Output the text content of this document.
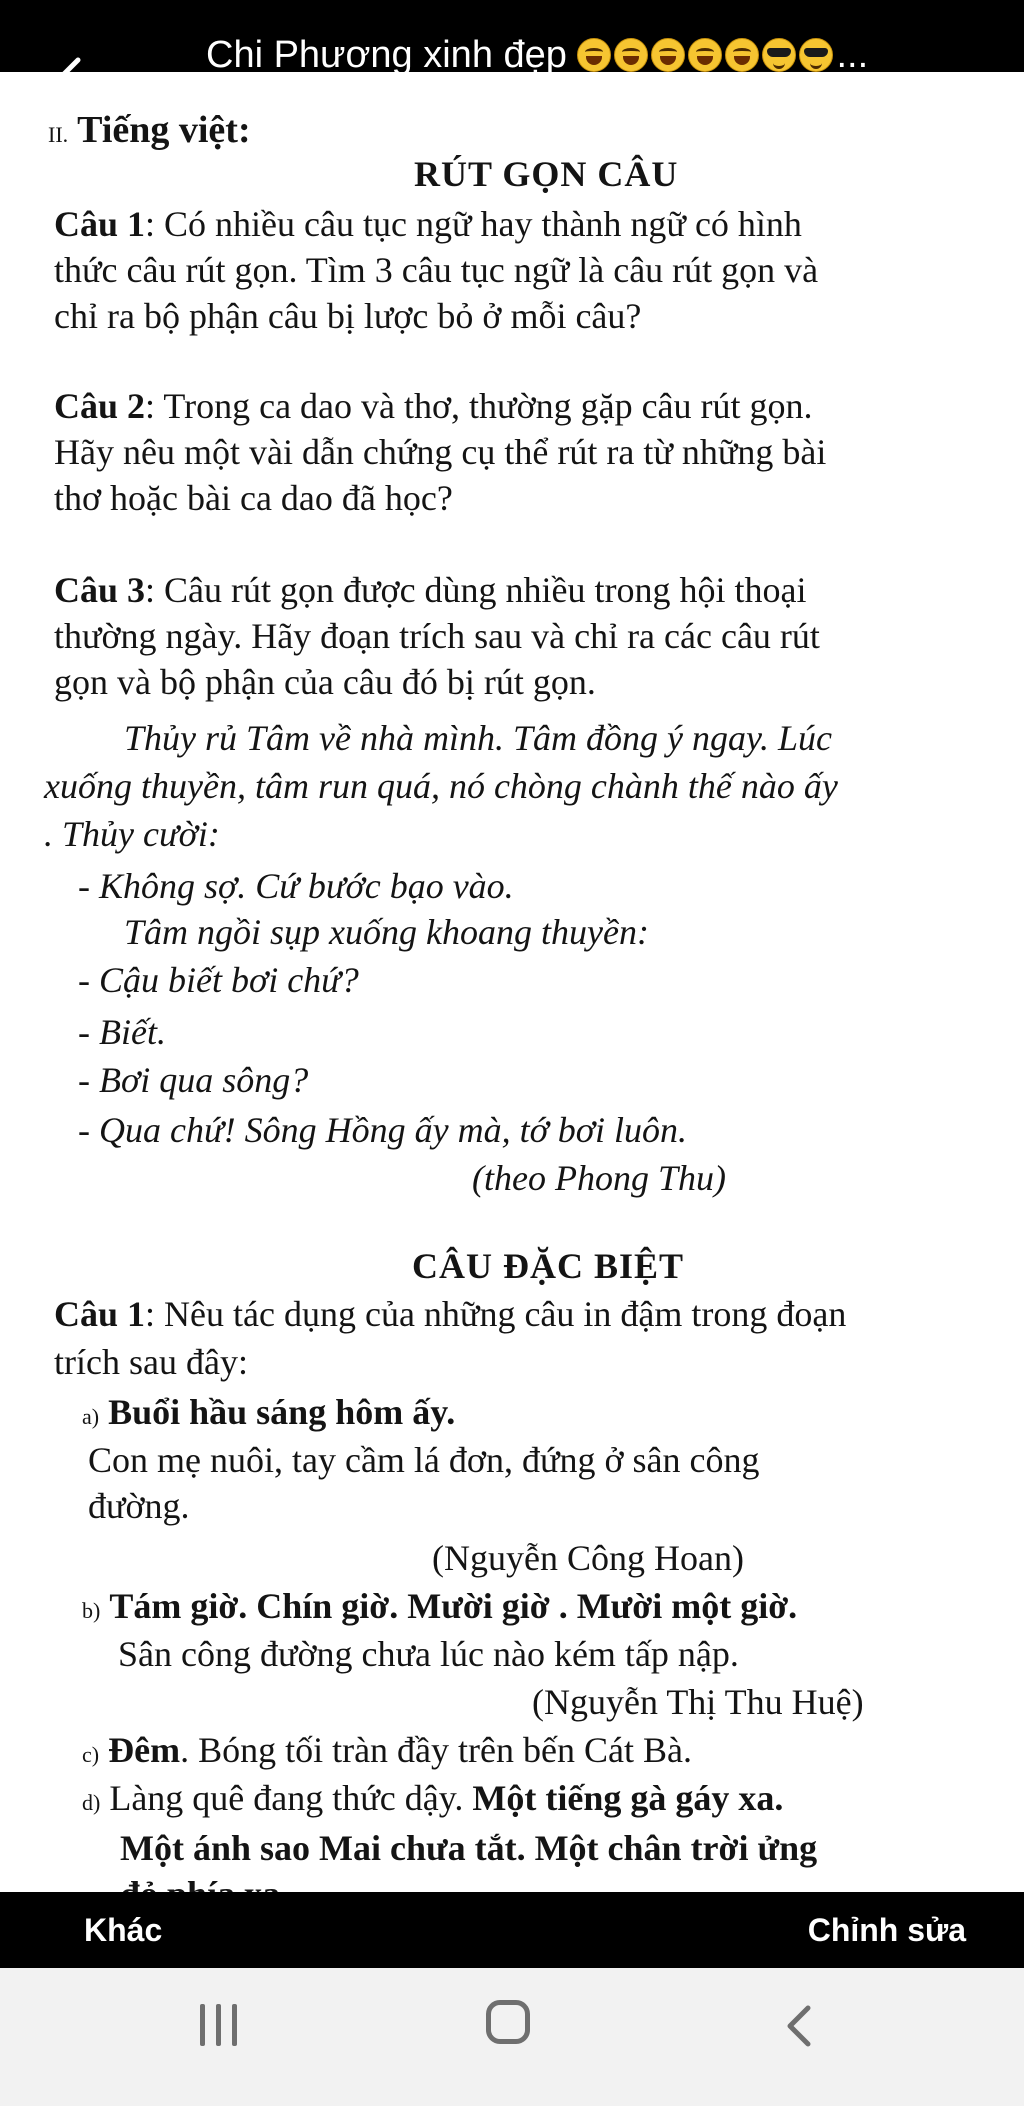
II. Tiếng việt:
RÚT GỌN CÂU
Câu 1: Có nhiều câu tục ngữ hay thành ngữ có hình
thức câu rút gọn. Tìm 3 câu tục ngữ là câu rút gọn và
chỉ ra bộ phận câu bị lược bỏ ở mỗi câu?
Câu 2: Trong ca dao và thơ, thường gặp câu rút gọn.
Hãy nêu một vài dẫn chứng cụ thể rút ra từ những bài
thơ hoặc bài ca dao đã học?
Câu 3: Câu rút gọn được dùng nhiều trong hội thoại
thường ngày. Hãy đoạn trích sau và chỉ ra các câu rút
gọn và bộ phận của câu đó bị rút gọn.
Thủy rủ Tâm về nhà mình. Tâm đồng ý ngay. Lúc
xuống thuyền, tâm run quá, nó chòng chành thế nào ấy
. Thủy cười:
- Không sợ. Cứ bước bạo vào.
Tâm ngồi sụp xuống khoang thuyền:
- Cậu biết bơi chứ?
- Biết.
- Bơi qua sông?
- Qua chứ! Sông Hồng ấy mà, tớ bơi luôn.
(theo Phong Thu)
CÂU ĐẶC BIỆT
Câu 1: Nêu tác dụng của những câu in đậm trong đoạn
trích sau đây:
a) Buổi hầu sáng hôm ấy.
Con mẹ nuôi, tay cầm lá đơn, đứng ở sân công
đường.
(Nguyễn Công Hoan)
b) Tám giờ. Chín giờ. Mười giờ . Mười một giờ.
Sân công đường chưa lúc nào kém tấp nập.
(Nguyễn Thị Thu Huệ)
c) Đêm. Bóng tối tràn đầy trên bến Cát Bà.
d) Làng quê đang thức dậy. Một tiếng gà gáy xa.
Một ánh sao Mai chưa tắt. Một chân trời ửng
Chi Phương xinh đẹp	...
Hoạt động 1 giờ trước
Khác	Chỉnh sửa
